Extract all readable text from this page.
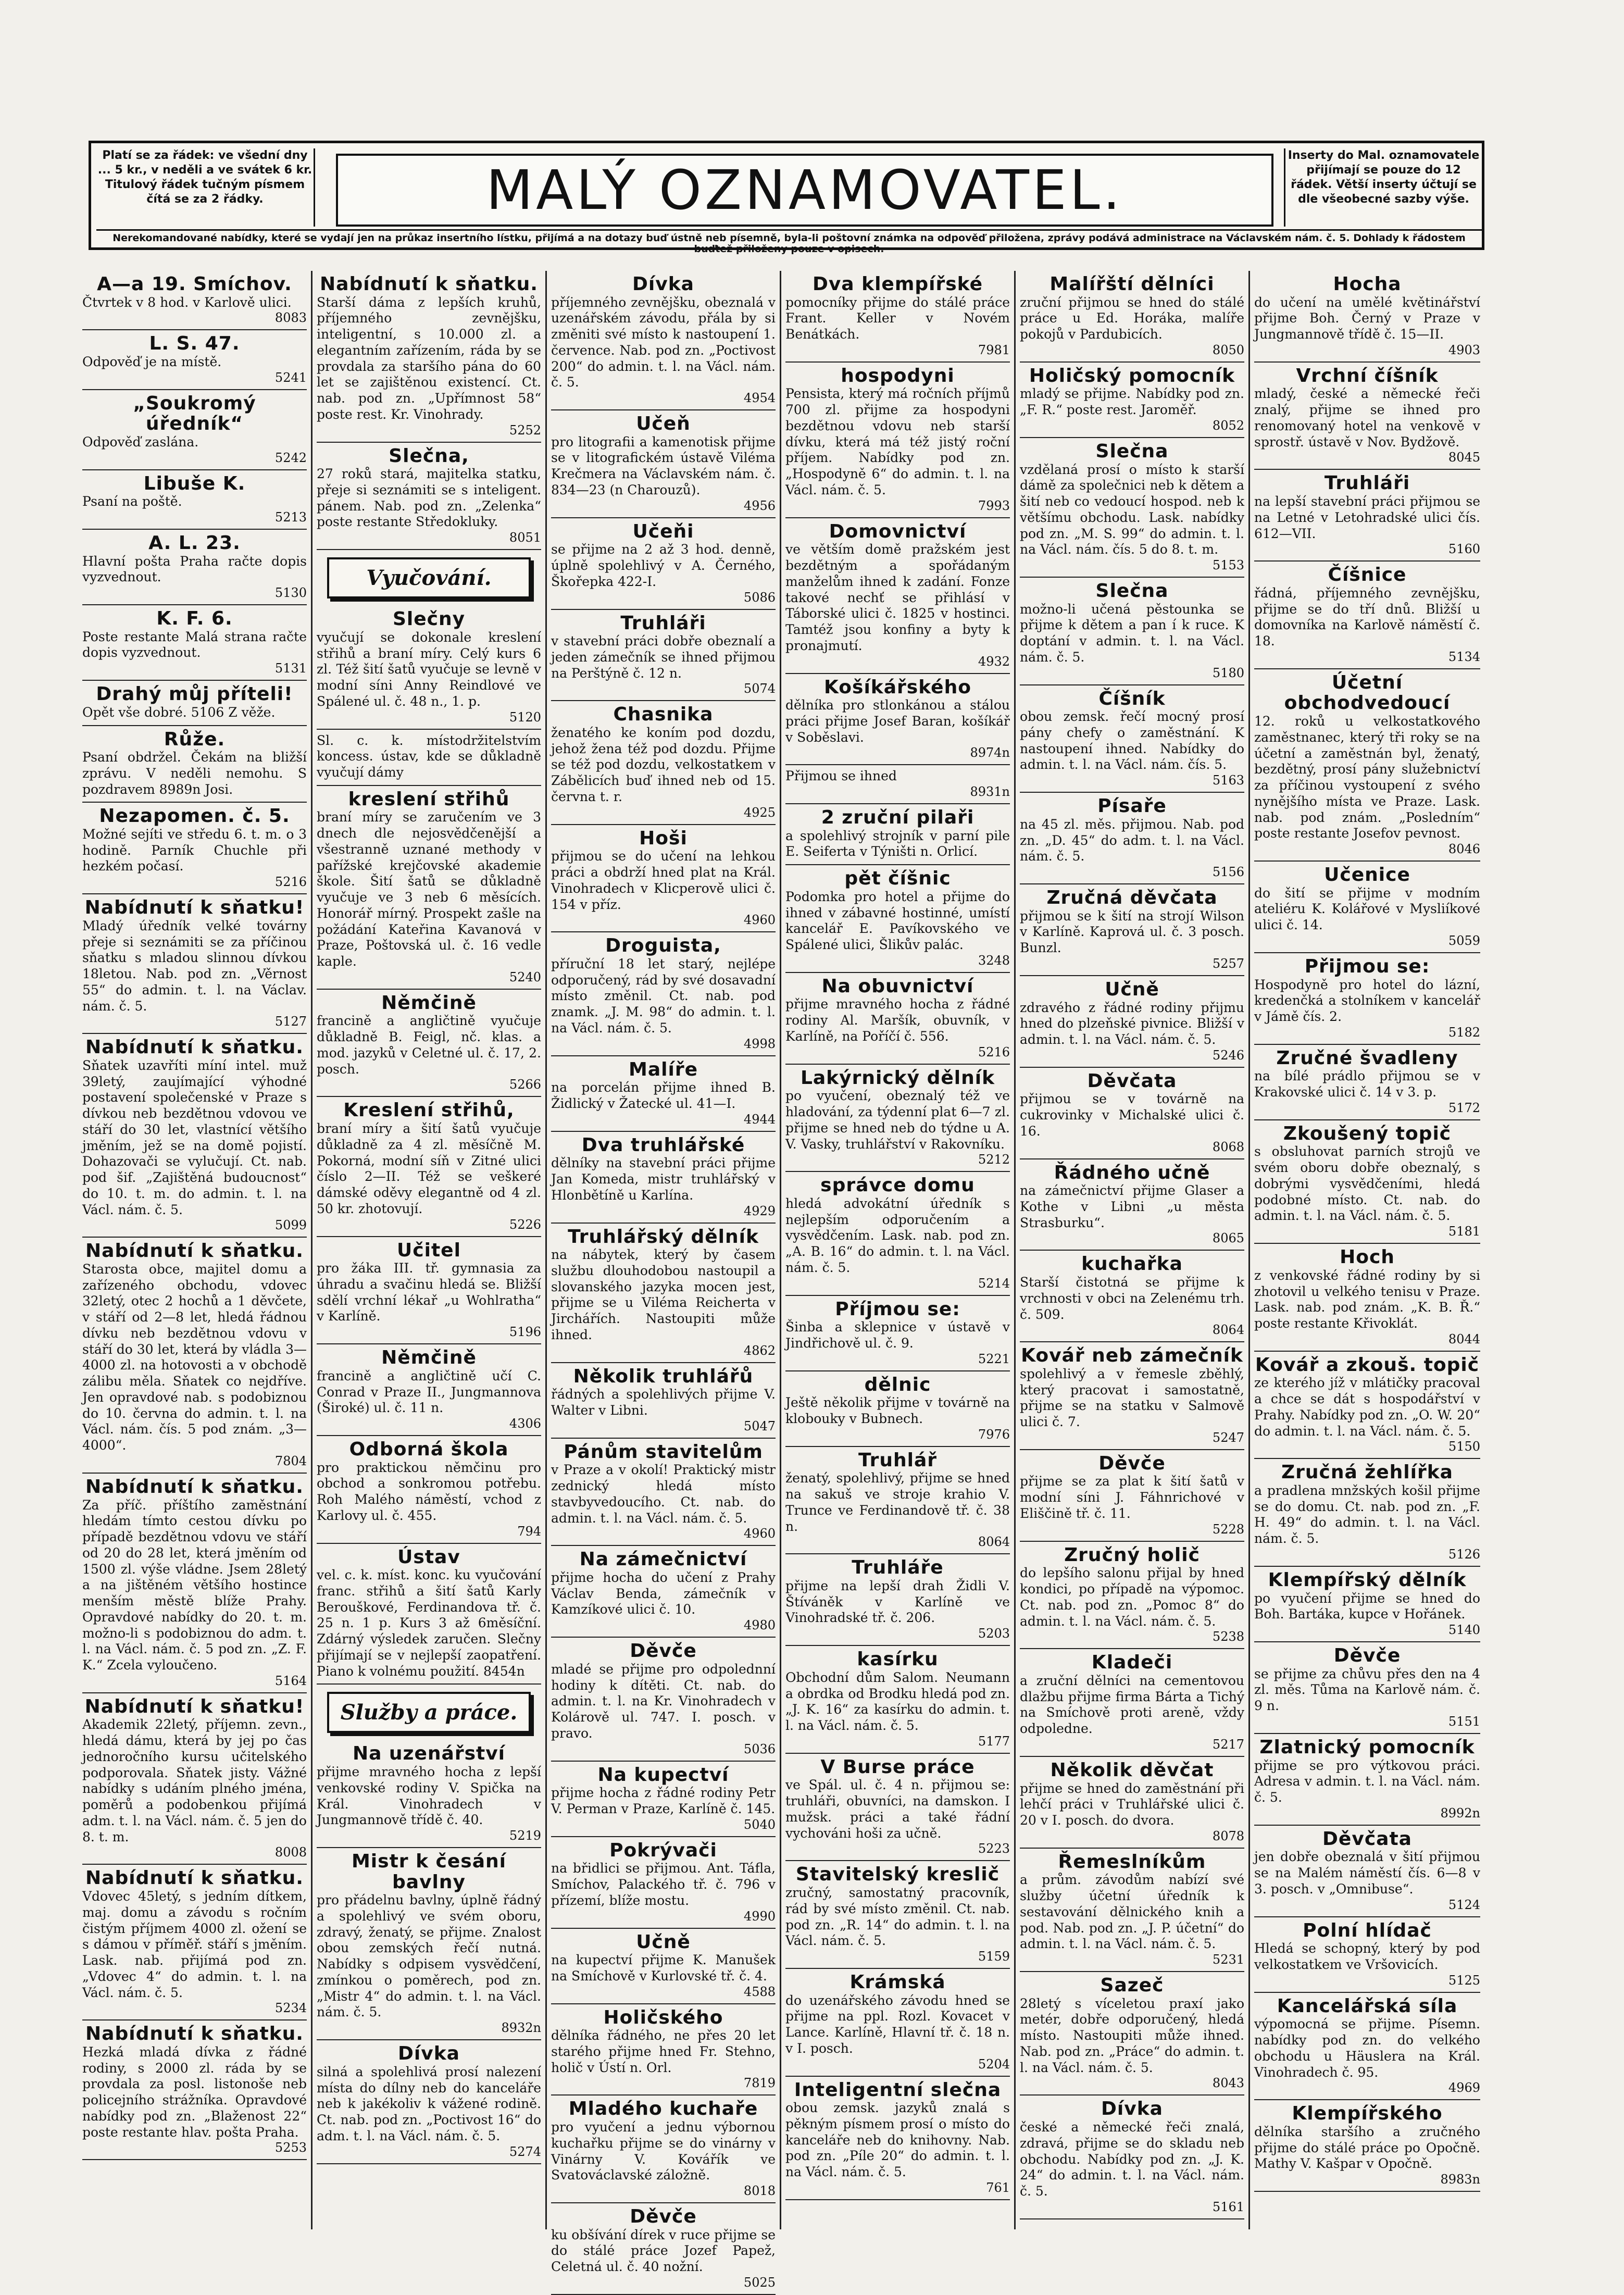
Platí se za řádek: ve všední dny ... 5 kr., v neděli a ve svátek 6 kr. Titulový řádek tučným písmem čítá se za 2 řádky.	MALÝ OZNAMOVATEL.
Inserty do Mal. oznamovatele přijímají se pouze do 12 řádek. Větší inserty účtují se dle všeobecné sazby výše.
Nerekomandované nabídky, které se vydají jen na průkaz insertního lístku, přijímá a na dotazy buď ústně neb písemně, byla-li poštovní známka na odpověď přiložena, zprávy podává administrace na Václavském nám. č. 5. Dohlady k řádostem buďtež přiloženy pouze v opisech.
A—a 19. Smíchov.
Čtvrtek v 8 hod. v Karlově ulici.
8083
L. S. 47.
Odpověď je na místě.
5241
„Soukromý úředník“
Odpověď zaslána.
5242
Libuše K.
Psaní na poště.
5213
A. L. 23.
Hlavní pošta Praha račte dopis vyzvednout.
5130
K. F. 6.
Poste restante Malá strana račte dopis vyzvednout.
5131
Drahý můj příteli!
Opět vše dobré. 5106 Z věže.
Růže.
Psaní obdržel. Čekám na bližší zprávu. V neděli nemohu. S pozdravem 8989n Josi.
Nezapomen. č. 5.
Možné sejíti ve středu 6. t. m. o 3 hodině. Parník Chuchle při hezkém počasí.
5216
Nabídnutí k sňatku!
Mladý úředník velké továrny přeje si seznámiti se za příčinou sňatku s mladou slinnou dívkou 18letou. Nab. pod zn. „Věrnost 55“ do admin. t. l. na Václav. nám. č. 5.
5127
Nabídnutí k sňatku.
Sňatek uzavříti míní intel. muž 39letý, zaujímající výhodné postavení společenské v Praze s dívkou neb bezdětnou vdovou ve stáří do 30 let, vlastnící většího jměním, jež se na domě pojistí. Dohazovači se vylučují. Ct. nab. pod šif. „Zajištěná budoucnost“ do 10. t. m. do admin. t. l. na Václ. nám. č. 5.
5099
Nabídnutí k sňatku.
Starosta obce, majitel domu a zařízeného obchodu, vdovec 32letý, otec 2 hochů a 1 děvčete, v stáří od 2—8 let, hledá řádnou dívku neb bezdětnou vdovu v stáří do 30 let, která by vládla 3—4000 zl. na hotovosti a v obchodě zálibu měla. Sňatek co nejdříve. Jen opravdové nab. s podobiznou do 10. června do admin. t. l. na Václ. nám. čís. 5 pod znám. „3—4000“.
7804
Nabídnutí k sňatku.
Za příč. příštího zaměstnání hledám tímto cestou dívku po případě bezdětnou vdovu ve stáří od 20 do 28 let, která jměním od 1500 zl. výše vládne. Jsem 28letý a na jištěném většího hostince menším městě blíže Prahy. Opravdové nabídky do 20. t. m. možno-li s podobiznou do adm. t. l. na Václ. nám. č. 5 pod zn. „Z. F. K.“ Zcela vyloučeno.
5164
Nabídnutí k sňatku!
Akademik 22letý, příjemn. zevn., hledá dámu, která by jej po čas jednoročního kursu učitelského podporovala. Sňatek jisty. Vážné nabídky s udáním plného jména, poměrů a podobenkou přijímá adm. t. l. na Václ. nám. č. 5 jen do 8. t. m.
8008
Nabídnutí k sňatku.
Vdovec 45letý, s jedním dítkem, maj. domu a závodu s ročním čistým příjmem 4000 zl. ožení se s dámou v příměř. stáří s jměním. Lask. nab. přijímá pod zn. „Vdovec 4“ do admin. t. l. na Václ. nám. č. 5.
5234
Nabídnutí k sňatku.
Hezká mladá dívka z řádné rodiny, s 2000 zl. ráda by se provdala za posl. listonoše neb policejního strážníka. Opravdové nabídky pod zn. „Blaženost 22“ poste restante hlav. pošta Praha.
5253
Nabídnutí k sňatku.
Starší dáma z lepších kruhů, příjemného zevnějšku, inteligentní, s 10.000 zl. a elegantním zařízením, ráda by se provdala za staršího pána do 60 let se zajištěnou existencí. Ct. nab. pod zn. „Upřímnost 58“ poste rest. Kr. Vinohrady.
5252
Slečna,
27 roků stará, majitelka statku, přeje si seznámiti se s inteligent. pánem. Nab. pod zn. „Zelenka“ poste restante Středokluky.
8051
Vyučování.
Slečny
vyučují se dokonale kreslení střihů a braní míry. Celý kurs 6 zl. Též šití šatů vyučuje se levně v modní síni Anny Reindlové ve Spálené ul. č. 48 n., 1. p.
5120
Sl. c. k. místodržitelstvím koncess. ústav, kde se důkladně vyučují dámy
kreslení střihů
braní míry se zaručením ve 3 dnech dle nejosvědčenější a všestranně uznané methody v pařížské krejčovské akademie škole. Šití šatů se důkladně vyučuje ve 3 neb 6 měsících. Honorář mírný. Prospekt zašle na požádání Kateřina Kavanová v Praze, Poštovská ul. č. 16 vedle kaple.
5240
Němčině
francině a angličtině vyučuje důkladně B. Feigl, nč. klas. a mod. jazyků v Celetné ul. č. 17, 2. posch.
5266
Kreslení střihů,
braní míry a šití šatů vyučuje důkladně za 4 zl. měsíčně M. Pokorná, modní síň v Zitné ulici číslo 2—II. Též se veškeré dámské oděvy elegantně od 4 zl. 50 kr. zhotovují.
5226
Učitel
pro žáka III. tř. gymnasia za úhradu a svačinu hledá se. Bližší sdělí vrchní lékař „u Wohlratha“ v Karlíně.
5196
Němčině
francině a angličtině učí C. Conrad v Praze II., Jungmannova (Široké) ul. č. 11 n.
4306
Odborná škola
pro praktickou němčinu pro obchod a sonkromou potřebu. Roh Malého náměstí, vchod z Karlovy ul. č. 455.
794
Ústav
vel. c. k. míst. konc. ku vyučování franc. střihů a šití šatů Karly Berouškové, Ferdinandova tř. č. 25 n. 1 p. Kurs 3 až 6měsíční. Zdárný výsledek zaručen. Slečny přijímají se v nejlepší zaopatření. Piano k volnému použití. 8454n
Služby a práce.
Na uzenářství
přijme mravného hocha z lepší venkovské rodiny V. Spička na Král. Vinohradech v Jungmannově třídě č. 40.
5219
Mistr k česání bavlny
pro přádelnu bavlny, úplně řádný a spolehlivý ve svém oboru, zdravý, ženatý, se přijme. Znalost obou zemských řečí nutná. Nabídky s odpisem vysvědčení, zmínkou o poměrech, pod zn. „Mistr 4“ do admin. t. l. na Václ. nám. č. 5.
8932n
Dívka
silná a spolehlivá prosí nalezení místa do dílny neb do kanceláře neb k jakékoliv k vážené rodině. Ct. nab. pod zn. „Poctivost 16“ do adm. t. l. na Václ. nám. č. 5.
5274
Dívka
příjemného zevnějšku, obeznalá v uzenářském závodu, přála by si změniti své místo k nastoupení 1. července. Nab. pod zn. „Poctivost 200“ do admin. t. l. na Václ. nám. č. 5.
4954
Učeň
pro litografii a kamenotisk přijme se v litografickém ústavě Viléma Krečmera na Václavském nám. č. 834—23 (n Charouzů).
4956
Učeňi
se přijme na 2 až 3 hod. denně, úplně spolehlivý v A. Černého, Škořepka 422-I.
5086
Truhláři
v stavební práci dobře obeznalí a jeden zámečník se ihned přijmou na Perštýně č. 12 n.
5074
Chasnika
ženatého ke koním pod dozdu, jehož žena též pod dozdu. Přijme se též pod dozdu, velkostatkem v Zábělicích buď ihned neb od 15. června t. r.
4925
Hoši
přijmou se do učení na lehkou práci a obdrží hned plat na Král. Vinohradech v Klicperově ulici č. 154 v příz.
4960
Droguista,
příruční 18 let starý, nejlépe odporučený, rád by své dosavadní místo změnil. Ct. nab. pod znamk. „J. M. 98“ do admin. t. l. na Václ. nám. č. 5.
4998
Malíře
na porcelán přijme ihned B. Židlický v Žatecké ul. 41—I.
4944
Dva truhlářské
dělníky na stavební práci přijme Jan Komeda, mistr truhlářský v Hlonbětíně u Karlína.
4929
Truhlářský dělník
na nábytek, který by časem službu dlouhodobou nastoupil a slovanského jazyka mocen jest, přijme se u Viléma Reicherta v Jirchářích. Nastoupiti může ihned.
4862
Několik truhlářů
řádných a spolehlivých přijme V. Walter v Libni.
5047
Pánům stavitelům
v Praze a v okolí! Praktický mistr zednický hledá místo stavbyvedoucího. Ct. nab. do admin. t. l. na Václ. nám. č. 5.
4960
Na zámečnictví
přijme hocha do učení z Prahy Václav Benda, zámečník v Kamzíkové ulici č. 10.
4980
Děvče
mladé se přijme pro odpolednní hodiny k dítěti. Ct. nab. do admin. t. l. na Kr. Vinohradech v Kolárově ul. 747. I. posch. v pravo.
5036
Na kupectví
přijme hocha z řádné rodiny Petr V. Perman v Praze, Karlíně č. 145.
5040
Pokrývači
na břidlici se přijmou. Ant. Táfla, Smíchov, Palackého tř. č. 796 v přízemí, blíže mostu.
4990
Učně
na kupectví přijme K. Manušek na Smíchově v Kurlovské tř. č. 4.
4588
Holičského
dělníka řádného, ne přes 20 let starého přijme hned Fr. Stehno, holič v Ústí n. Orl.
7819
Mladého kuchaře
pro vyučení a jednu výbornou kuchařku přijme se do vinárny v Vinárny V. Kovářík ve Svatováclavské záložně.
8018
Děvče
ku obšívání dírek v ruce přijme se do stálé práce Jozef Papež, Celetná ul. č. 40 nožní.
5025
Dva klempířské
pomocníky přijme do stálé práce Frant. Keller v Novém Benátkách.
7981
hospodyni
Pensista, který má ročních příjmů 700 zl. přijme za hospodyni bezdětnou vdovu neb starší dívku, která má též jistý roční příjem. Nabídky pod zn. „Hospodyně 6“ do admin. t. l. na Václ. nám. č. 5.
7993
Domovnictví
ve větším domě pražském jest bezdětným a spořádaným manželům ihned k zadání. Fonze takové nechť se přihlásí v Táborské ulici č. 1825 v hostinci. Tamtéž jsou konfiny a byty k pronajmutí.
4932
Košíkářského
dělníka pro stlonkánou a stálou práci přijme Josef Baran, košíkář v Soběslavi.
8974n
Přijmou se ihned
8931n
2 zruční pilaři
a spolehlivý strojník v parní pile E. Seiferta v Týništi n. Orlicí.
pět číšnic
Podomka pro hotel a přijme do ihned v zábavné hostinné, umístí kancelář E. Pavíkovského ve Spálené ulici, Šlikův palác.
3248
Na obuvnictví
přijme mravného hocha z řádné rodiny Al. Maršík, obuvník, v Karlíně, na Poříčí č. 556.
5216
Lakýrnický dělník
po vyučení, obeznalý též ve hladování, za týdenní plat 6—7 zl. přijme se hned neb do týdne u A. V. Vasky, truhlářství v Rakovníku.
5212
správce domu
hledá advokátní úředník s nejlepším odporučením a vysvědčením. Lask. nab. pod zn. „A. B. 16“ do admin. t. l. na Václ. nám. č. 5.
5214
Příjmou se:
Šinba a sklepnice v ústavě v Jindřichově ul. č. 9.
5221
dělnic
Ještě několik přijme v továrně na klobouky v Bubnech.
7976
Truhlář
ženatý, spolehlivý, přijme se hned na sakuš ve stroje krahio V. Trunce ve Ferdinandově tř. č. 38 n.
8064
Truhláře
přijme na lepší drah Židli V. Štíváněk v Karlíně ve Vinohradské tř. č. 206.
5203
kasírku
Obchodní dům Salom. Neumann a obrdka od Brodku hledá pod zn. „J. K. 16“ za kasírku do admin. t. l. na Václ. nám. č. 5.
5177
V Burse práce
ve Spál. ul. č. 4 n. přijmou se: truhláři, obuvníci, na damskon. I mužsk. práci a také řádní vychováni hoši za učně.
5223
Stavitelský kreslič
zručný, samostatný pracovník, rád by své místo změnil. Ct. nab. pod zn. „R. 14“ do admin. t. l. na Václ. nám. č. 5.
5159
Krámská
do uzenářského závodu hned se přijme na ppl. Rozl. Kovacet v Lance. Karlíně, Hlavní tř. č. 18 n. v I. posch.
5204
Inteligentní slečna
obou zemsk. jazyků znalá s pěkným písmem prosí o místo do kanceláře neb do knihovny. Nab. pod zn. „Píle 20“ do admin. t. l. na Václ. nám. č. 5.
761
Malířští dělníci
zruční přijmou se hned do stálé práce u Ed. Horáka, malíře pokojů v Pardubicích.
8050
Holičský pomocník
mladý se přijme. Nabídky pod zn. „F. R.“ poste rest. Jaroměř.
8052
Slečna
vzdělaná prosí o místo k starší dámě za společnici neb k dětem a šití neb co vedoucí hospod. neb k většímu obchodu. Lask. nabídky pod zn. „M. S. 99“ do admin. t. l. na Václ. nám. čís. 5 do 8. t. m.
5153
Slečna
možno-li učená pěstounka se přijme k dětem a pan í k ruce. K doptání v admin. t. l. na Václ. nám. č. 5.
5180
Číšník
obou zemsk. řečí mocný prosí pány chefy o zaměstnání. K nastoupení ihned. Nabídky do admin. t. l. na Václ. nám. čís. 5.
5163
Písaře
na 45 zl. měs. přijmou. Nab. pod zn. „D. 45“ do adm. t. l. na Václ. nám. č. 5.
5156
Zručná děvčata
přijmou se k šití na strojí Wilson v Karlíně. Kaprová ul. č. 3 posch. Bunzl.
5257
Učně
zdravého z řádné rodiny přijmu hned do plzeňské pivnice. Bližší v admin. t. l. na Václ. nám. č. 5.
5246
Děvčata
přijmou se v továrně na cukrovinky v Michalské ulici č. 16.
8068
Řádného učně
na zámečnictví přijme Glaser a Kothe v Libni „u města Strasburku“.
8065
kuchařka
Starší čistotná se přijme k vrchnosti v obci na Zelenému trh. č. 509.
8064
Kovář neb zámečník
spolehlivý a v řemesle zběhlý, který pracovat i samostatně, přijme se na statku v Salmově ulici č. 7.
5247
Děvče
přijme se za plat k šití šatů v modní síni J. Fáhnrichové v Eliščině tř. č. 11.
5228
Zručný holič
do lepšího salonu přijal by hned kondici, po případě na výpomoc. Ct. nab. pod zn. „Pomoc 8“ do admin. t. l. na Václ. nám. č. 5.
5238
Kladeči
a zruční dělníci na cementovou dlažbu přijme firma Bárta a Tichý na Smíchově proti areně, vždy odpoledne.
5217
Několik děvčat
přijme se hned do zaměstnání při lehčí práci v Truhlářské ulici č. 20 v I. posch. do dvora.
8078
Řemeslníkům
a prům. závodům nabízí své služby účetní úředník k sestavování dělnického knih a pod. Nab. pod zn. „J. P. účetní“ do admin. t. l. na Václ. nám. č. 5.
5231
Sazeč
28letý s víceletou praxí jako metér, dobře odporučený, hledá místo. Nastoupiti může ihned. Nab. pod zn. „Práce“ do admin. t. l. na Václ. nám. č. 5.
8043
Dívka
české a německé řeči znalá, zdravá, přijme se do skladu neb obchodu. Nabídky pod zn. „J. K. 24“ do admin. t. l. na Václ. nám. č. 5.
5161
Hocha
do učení na umělé květinářství přijme Boh. Černý v Praze v Jungmannově třídě č. 15—II.
4903
Vrchní číšník
mladý, české a německé řeči znalý, přijme se ihned pro renomovaný hotel na venkově v sprostř. ústavě v Nov. Bydžově.
8045
Truhláři
na lepší stavební práci přijmou se na Letné v Letohradské ulici čís. 612—VII.
5160
Číšnice
řádná, příjemného zevnějšku, přijme se do tří dnů. Bližší u domovníka na Karlově náměstí č. 18.
5134
Účetní obchodvedoucí
12. roků u velkostatkového zaměstnanec, který tři roky se na účetní a zaměstnán byl, ženatý, bezdětný, prosí pány služebnictví za příčinou vystoupení z svého nynějšího místa ve Praze. Lask. nab. pod znám. „Posledním“ poste restante Josefov pevnost.
8046
Učenice
do šití se přijme v modním ateliéru K. Kolářové v Mysliíkové ulici č. 14.
5059
Přijmou se:
Hospodyně pro hotel do lázní, kredenčká a stolníkem v kancelář v Jámě čís. 2.
5182
Zručné švadleny
na bílé prádlo přijmou se v Krakovské ulici č. 14 v 3. p.
5172
Zkoušený topič
s obsluhovat parních strojů ve svém oboru dobře obeznalý, s dobrými vysvědčeními, hledá podobné místo. Ct. nab. do admin. t. l. na Václ. nám. č. 5.
5181
Hoch
z venkovské řádné rodiny by si zhotovil u velkého tenisu v Praze. Lask. nab. pod znám. „K. B. Ř.“ poste restante Křivoklát.
8044
Kovář a zkouš. topič
ze kterého jíž v mlátičky pracoval a chce se dát s hospodářství v Prahy. Nabídky pod zn. „O. W. 20“ do admin. t. l. na Václ. nám. č. 5.
5150
Zručná žehlířka
a pradlena mnžských košil přijme se do domu. Ct. nab. pod zn. „F. H. 49“ do admin. t. l. na Václ. nám. č. 5.
5126
Klempířský dělník
po vyučení přijme se hned do Boh. Bartáka, kupce v Hořánek.
5140
Děvče
se přijme za chůvu přes den na 4 zl. měs. Tůma na Karlově nám. č. 9 n.
5151
Zlatnický pomocník
přijme se pro výtkovou práci. Adresa v admin. t. l. na Václ. nám. č. 5.
8992n
Děvčata
jen dobře obeznalá v šití přijmou se na Malém náměstí čís. 6—8 v 3. posch. v „Omnibuse“.
5124
Polní hlídač
Hledá se schopný, který by pod velkostatkem ve Vršovicích.
5125
Kancelářská síla
výpomocná se přijme. Písemn. nabídky pod zn. do velkého obchodu u Häuslera na Král. Vinohradech č. 95.
4969
Klempířského
dělníka staršího a zručného přijme do stálé práce po Opočně. Mathy V. Kašpar v Opočně.
8983n
